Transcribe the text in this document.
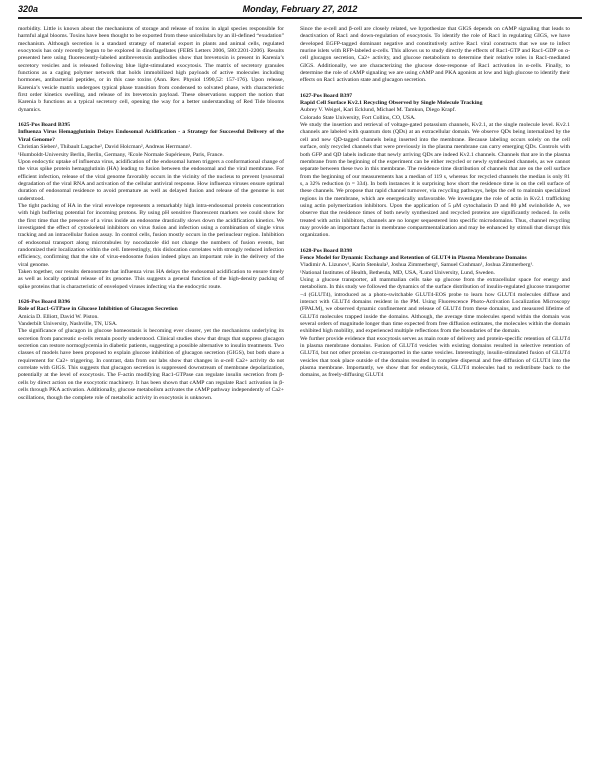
320a	Monday, February 27, 2012

morbidity. Little is known about the mechanisms of storage and release of toxins in algal species responsible for harmful algal blooms. Toxins have been thought to be exported from these unicellulars by an ill-defined “exudation” mechanism. Although secretion is a standard strategy of material export in plants and animal cells, regulated exocytosis has only recently begun to be explored in dinoflagellates (FEBS Letters 2006, 580:2201-2206). Results presented here using fluorescently-labeled antibrevetoxin antibodies show that brevetoxin is present in Karenia’s secretory vesicles and is released following blue light-stimulated exocytosis. The matrix of secretory granules functions as a caging polymer network that holds immobilized high payloads of active molecules including hormones, antibacterial peptides, or in this case toxins (Ann. Rev. Physiol 1990,52: 157-176). Upon release, Karenia’s vesicle matrix undergoes typical phase transition from condensed to solvated phase, with characteristic first order kinetics swelling, and release of its brevetoxin payload. These observations support the notion that Karenia b functions as a typical secretory cell, opening the way for a better understanding of Red Tide blooms dynamics.

1625-Pos Board B395
Influenza Virus Hemagglutinin Delays Endosomal Acidification - a Strategy for Successful Delivery of the Viral Genome?
Christian Sieben¹, Thibault Lagache², David Holcman², Andreas Herrmann¹.
¹Humboldt-University Berlin, Berlin, Germany, ²Ecole Normale Supérieure, Paris, France.

Upon endocytic uptake of influenza virus, acidification of the endosomal lumen triggers a conformational change of the virus spike protein hemagglutinin (HA) leading to fusion between the endosomal and the viral membrane. For efficient infection, release of the viral genome favorably occurs in the vicinity of the nucleus to prevent lysosomal degradation of the viral RNA and activation of the cellular antiviral response. How influenza viruses ensure optimal duration of endosomal residence to avoid premature as well as delayed fusion and release of the genome is not understood.

The tight packing of HA in the viral envelope represents a remarkably high intra-endosomal protein concentration with high buffering potential for incoming protons. By using pH sensitive fluorescent markers we could show for the first time that the presence of a virus inside an endosome drastically slows down the acidification kinetics. We investigated the effect of cytoskeletal inhibitors on virus fusion and infection using a combination of single virus tracking and an intracellular fusion assay. In control cells, fusion mostly occurs in the perinuclear region. Inhibition of endosomal transport along microtubules by nocodazole did not change the numbers of fusion events, but randomized their localization within the cell. Interestingly, this dislocation correlates with strongly reduced infection efficiency, confirming that the site of virus-endosome fusion indeed plays an important role in the delivery of the viral genome.

Taken together, our results demonstrate that influenza virus HA delays the endosomal acidification to ensure timely as well as locally optimal release of its genome. This suggests a general function of the high-density packing of spike proteins that is characteristic of enveloped viruses infecting via the endocytic route.

1626-Pos Board B396
Role of Rac1-GTPase in Glucose Inhibition of Glucagon Secretion
Amicia D. Elliott, David W. Piston.
Vanderbilt University, Nashville, TN, USA.

The significance of glucagon in glucose homeostasis is becoming ever clearer, yet the mechanisms underlying its secretion from pancreatic α-cells remain poorly understood. Clinical studies show that drugs that suppress glucagon secretion can restore normoglycemia in diabetic patients, suggesting a possible alternative to insulin treatments. Two classes of models have been proposed to explain glucose inhibition of glucagon secretion (GIGS), but both share a requirement for Ca2+ triggering. In contrast, data from our labs show that changes in α-cell Ca2+ activity do not correlate with GIGS. This suggests that glucagon secretion is suppressed downstream of membrane depolarization, potentially at the level of exocytosis. The F-actin modifying Rac1-GTPase can regulate insulin secretion from β-cells by direct action on the exocytotic machinery. It has been shown that cAMP can regulate Rac1 activation in β-cells through PKA activation. Additionally, glucose metabolism activates the cAMP pathway independently of Ca2+ oscillations, though the complete role of metabolic activity in exocytosis is unknown.

Since the α-cell and β-cell are closely related, we hypothesize that GIGS depends on cAMP signaling that leads to deactivation of Rac1 and down-regulation of exocytosis. To identify the role of Rac1 in regulating GIGS, we have developed EGFP-tagged dominant negative and constitutively active Rac1 viral constructs that we use to infect murine islets with RFP-labeled α-cells. This allows us to study directly the effects of Rac1-GTP and Rac1-GDP on α-cell glucagon secretion, Ca2+ activity, and glucose metabolism to determine their relative roles in Rac1-mediated GIGS. Additionally, we are characterizing the glucose dose-response of Rac1 activation in α-cells. Finally, to determine the role of cAMP signaling we are using cAMP and PKA agonists at low and high glucose to identify their effects on Rac1 activation state and glucagon secretion.

1627-Pos Board B397
Rapid Cell Surface Kv2.1 Recycling Observed by Single Molecule Tracking
Aubrey V. Weigel, Kari Ecklund, Michael M. Tamkun, Diego Krapf.
Colorado State University, Fort Collins, CO, USA.

We study the insertion and retrieval of voltage-gated potassium channels, Kv2.1, at the single molecule level. Kv2.1 channels are labeled with quantum dots (QDs) at an extracellular domain. We observe QDs being internalized by the cell and new QD-tagged channels being inserted into the membrane. Because labeling occurs solely on the cell surface, only recycled channels that were previously in the plasma membrane can carry emerging QDs. Controls with both GFP and QD labels indicate that newly arriving QDs are indeed Kv2.1 channels. Channels that are in the plasma membrane from the beginning of the experiment can be either recycled or newly synthesized channels, as we cannot separate between these two in this membrane. The residence time distribution of channels that are on the cell surface from the beginning of our measurements has a median of 119 s, whereas for recycled channels the median is only 81 s, a 32% reduction (n = 334). In both instances it is surprising how short the residence time is on the cell surface of these channels. We propose that rapid channel turnover, via recycling pathways, helps the cell to maintain specialized regions in the membrane, which are energetically unfavorable. We investigate the role of actin in Kv2.1 trafficking using actin polymerization inhibitors. Upon the application of 5 μM cytochalasin D and 80 μM swinholide A, we observe that the residence times of both newly synthesized and recycled proteins are significantly reduced. In cells treated with actin inhibitors, channels are no longer sequestered into specific microdomains. Thus, channel recycling may provide an important factor in membrane compartmentalization and may be enhanced by stimuli that disrupt this organization.

1628-Pos Board B398
Fence Model for Dynamic Exchange and Retention of GLUT4 in Plasma Membrane Domains
Vladimir A. Lizunov¹, Karin Stenkula², Joshua Zimmerberg¹, Samuel Cushman¹, Joshua Zimmerberg¹.
¹National Institutes of Health, Bethesda, MD, USA, ²Lund University, Lund, Sweden.

Using a glucose transporter, all mammalian cells take up glucose from the extracellular space for energy and metabolism. In this study we followed the dynamics of the surface distribution of insulin-regulated glucose transporter −4 (GLUT4), introduced as a photo-switchable GLUT4-EOS probe to learn how GLUT4 molecules diffuse and interact with GLUT4 domains resident in the PM. Using Fluorescence Photo-Activation Localization Microscopy (FPALM), we observed dynamic confinement and release of GLUT4 from these domains, and measured lifetime of GLUT4 molecules trapped inside the domains. Although, the average time molecules spend within the domain was several orders of magnitude longer than time expected from free diffusion estimates, the molecules within the domain exhibited high mobility, and experienced multiple reflections from the boundaries of the domain.

We further provide evidence that exocytosis serves as main route of delivery and protein-specific retention of GLUT4 in plasma membrane domains. Fusion of GLUT4 vesicles with existing domains resulted in selective retention of GLUT4, but not other proteins co-transported in the same vesicles. Interestingly, insulin-stimulated fusion of GLUT4 vesicles that took place outside of the domains resulted in complete dispersal and free diffusion of GLUT4 into the plasma membrane. Importantly, we show that for endocytosis, GLUT4 molecules had to redistribute back to the domains, as freely-diffusing GLUT4
